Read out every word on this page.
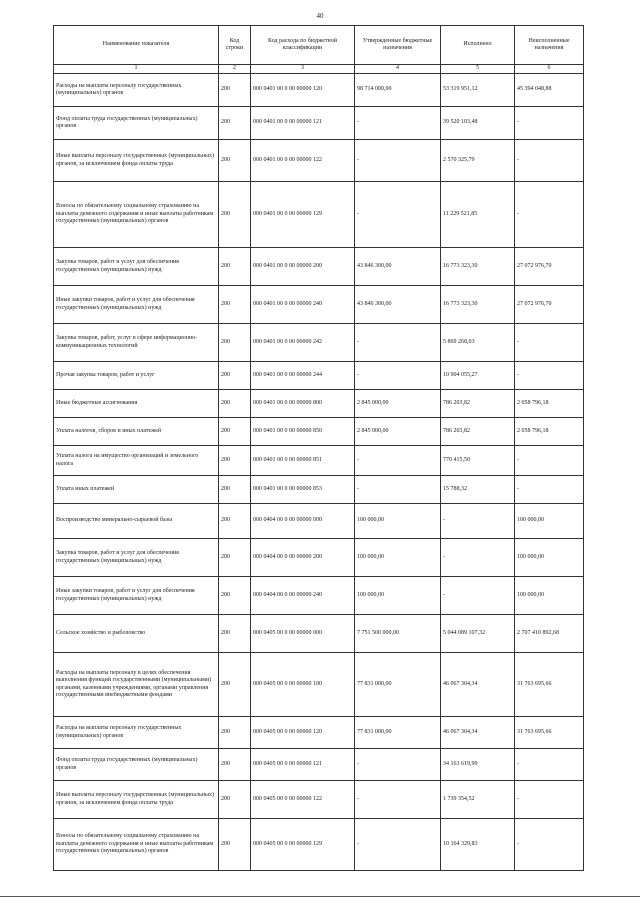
40
Наименование показателя	Код строки	Код расхода по бюджетной классификации	Утвержденные бюджетные назначения	Исполнено	Неисполненные назначения
1	2	3	4	5	6
Расходы на выплаты персоналу государственных (муниципальных) органов	200	000 0401 00 0 00 00000 120	98 714 000,00	53 319 951,12	45 394 048,88
Фонд оплаты труда государственных (муниципальных) органов	200	000 0401 00 0 00 00000 121	-	39 520 103,48	-
Иные выплаты персоналу государственных (муниципальных) органов, за исключением фонда оплаты труда	200	000 0401 00 0 00 00000 122	-	2 570 325,79	-
Взносы по обязательному социальному страхованию на выплаты денежного содержания и иные выплаты работникам государственных (муниципальных) органов	200	000 0401 00 0 00 00000 129	-	11 229 521,85	-
Закупка товаров, работ и услуг для обеспечения государственных (муниципальных) нужд	200	000 0401 00 0 00 00000 200	43 846 300,00	16 773 323,30	27 072 976,70
Иные закупки товаров, работ и услуг для обеспечения государственных (муниципальных) нужд	200	000 0401 00 0 00 00000 240	43 846 300,00	16 773 323,30	27 072 976,70
Закупка товаров, работ, услуг в сфере информационно-коммуникационных технологий	200	000 0401 00 0 00 00000 242	-	5 869 268,03	-
Прочая закупка товаров, работ и услуг	200	000 0401 00 0 00 00000 244	-	10 904 055,27	-
Иные бюджетные ассигнования	200	000 0401 00 0 00 00000 800	2 845 000,00	786 203,82	2 058 796,18
Уплата налогов, сборов и иных платежей	200	000 0401 00 0 00 00000 850	2 845 000,00	786 203,82	2 058 796,18
Уплата налога на имущество организаций и земельного налога	200	000 0401 00 0 00 00000 851	-	770 415,50	-
Уплата иных платежей	200	000 0401 00 0 00 00000 853	-	15 788,32	-
Воспроизводство минерально-сырьевой базы	200	000 0404 00 0 00 00000 000	100 000,00	-	100 000,00
Закупка товаров, работ и услуг для обеспечения государственных (муниципальных) нужд	200	000 0404 00 0 00 00000 200	100 000,00	-	100 000,00
Иные закупки товаров, работ и услуг для обеспечения государственных (муниципальных) нужд	200	000 0404 00 0 00 00000 240	100 000,00	-	100 000,00
Сельское хозяйство и рыболовство	200	000 0405 00 0 00 00000 000	7 751 500 000,00	5 044 089 107,32	2 707 410 892,68
Расходы на выплаты персоналу в целях обеспечения выполнения функций государственными (муниципальными) органами, казенными учреждениями, органами управления государственными внебюджетными фондами	200	000 0405 00 0 00 00000 100	77 831 000,00	46 067 304,34	31 763 695,66
Расходы на выплаты персоналу государственных (муниципальных) органов	200	000 0405 00 0 00 00000 120	77 831 000,00	46 067 304,34	31 763 695,66
Фонд оплаты труда государственных (муниципальных) органов	200	000 0405 00 0 00 00000 121	-	34 163 619,99	-
Иные выплаты персоналу государственных (муниципальных) органов, за исключением фонда оплаты труда	200	000 0405 00 0 00 00000 122	-	1 739 354,52	-
Взносы по обязательному социальному страхованию на выплаты денежного содержания и иные выплаты работникам государственных (муниципальных) органов	200	000 0405 00 0 00 00000 129	-	10 164 329,83	-
